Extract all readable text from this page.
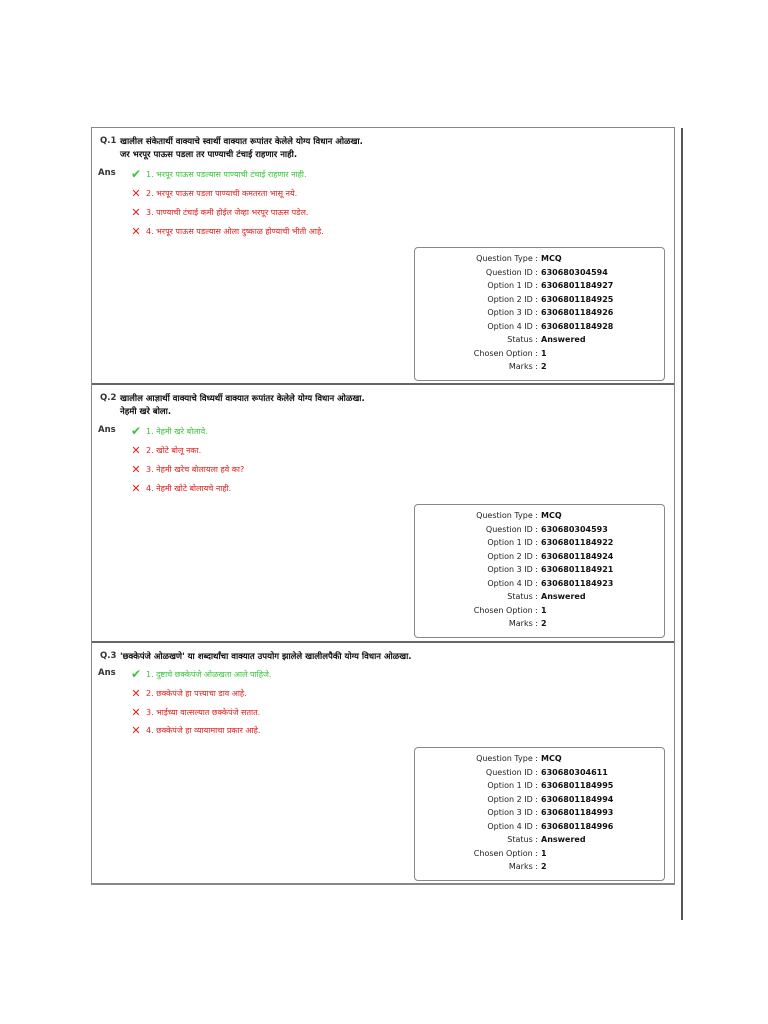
Q.1 खालील संकेतार्थी वाक्याचे स्वार्थी वाक्यात रूपांतर केलेले योग्य विधान ओळखा.
जर भरपूर पाऊस पडला तर पाण्याची टंचाई राहणार नाही.
Ans ✔ 1. भरपूर पाऊस पडल्यास पाण्याची टंचाई राहणार नाही.
✕ 2. भरपूर पाऊस पडला पाण्याची कमतरता भासू नये.
✕ 3. पाण्याची टंचाई कमी होईल जेव्हा भरपूर पाऊस पडेल.
✕ 4. भरपूर पाऊस पडल्यास ओला दुष्काळ होण्याची भीती आहे.
Question Type : MCQ
Question ID : 630680304594
Option 1 ID : 6306801184927
Option 2 ID : 6306801184925
Option 3 ID : 6306801184926
Option 4 ID : 6306801184928
Status : Answered
Chosen Option : 1
Marks : 2
Q.2 खालील आज्ञार्थी वाक्याचे विध्यर्थी वाक्यात रूपांतर केलेले योग्य विधान ओळखा.
नेहमी खरे बोला.
Ans ✔ 1. नेहमी खरे बोलावे.
✕ 2. खोटे बोलू नका.
✕ 3. नेहमी खरेच बोलायला हवे का?
✕ 4. नेहमी खोटे बोलायचे नाही.
Question Type : MCQ
Question ID : 630680304593
Option 1 ID : 6306801184922
Option 2 ID : 6306801184924
Option 3 ID : 6306801184921
Option 4 ID : 6306801184923
Status : Answered
Chosen Option : 1
Marks : 2
Q.3 'छक्केपंजे ओळखणे' या शब्दार्थांचा वाक्यात उपयोग झालेले खालीलपैकी योग्य विधान ओळखा.
Ans ✔ 1. दुष्टाचे छक्केपंजे ओळखता आले पाहिजे.
✕ 2. छक्केपंजे हा पत्त्याचा डाव आहे.
✕ 3. भाईच्या वात्सल्यात छक्केपंजे सतात.
✕ 4. छक्केपंजे हा व्यायामाचा प्रकार आहे.
Question Type : MCQ
Question ID : 630680304611
Option 1 ID : 6306801184995
Option 2 ID : 6306801184994
Option 3 ID : 6306801184993
Option 4 ID : 6306801184996
Status : Answered
Chosen Option : 1
Marks : 2
